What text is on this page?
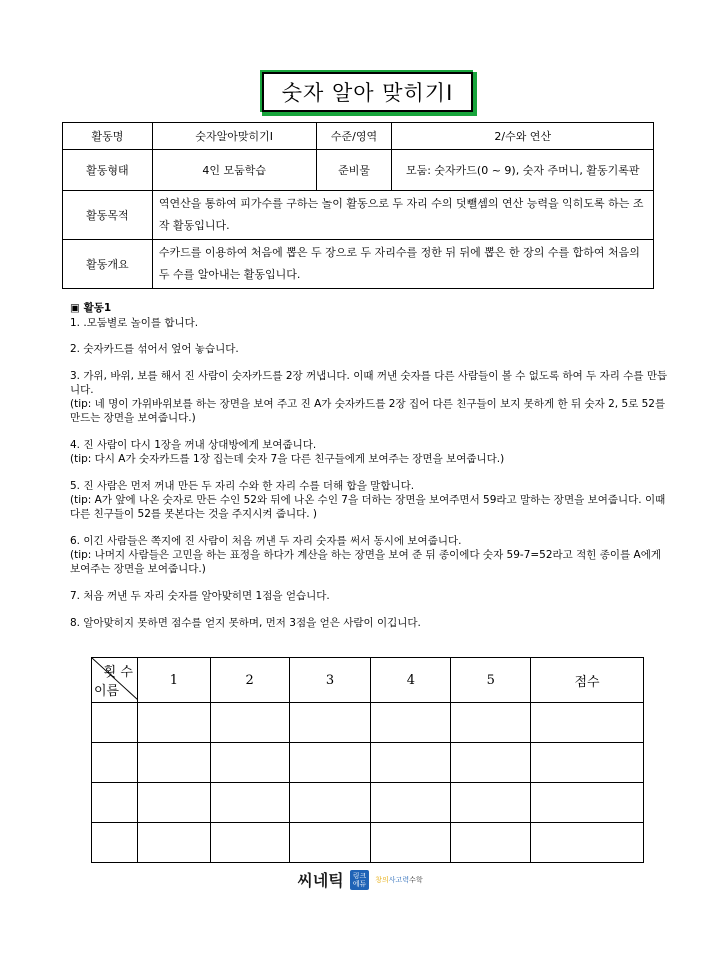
숫자 알아 맞히기Ⅰ
활동명	숫자알아맞히기Ⅰ	수준/영역	2/수와 연산
활동형태	4인 모둠학습	준비물	모둠: 숫자카드(0 ~ 9), 숫자 주머니, 활동기록판
활동목적	역연산을 통하여 피가수를 구하는 놀이 활동으로 두 자리 수의 덧뺄셈의 연산 능력을 익히도록 하는 조작 활동입니다.		
활동개요	수카드를 이용하여 처음에 뽑은 두 장으로 두 자리수를 정한 뒤 뒤에 뽑은 한 장의 수를 합하여 처음의 두 수를 알아내는 활동입니다.		

▣ 활동1

1. .모둠별로 놀이를 합니다.

2. 숫자카드를 섞어서 엎어 놓습니다.

3. 가위, 바위, 보를 해서 진 사람이 숫자카드를 2장 꺼냅니다. 이때 꺼낸 숫자를 다른 사람들이 볼 수 없도록 하여 두 자리 수를 만듭니다.
(tip: 네 명이 가위바위보를 하는 장면을 보여 주고 진 A가 숫자카드를 2장 집어 다른 친구들이 보지 못하게 한 뒤 숫자 2, 5로 52를 만드는 장면을 보여줍니다.)

4. 진 사람이 다시 1장을 꺼내 상대방에게 보여줍니다.
(tip: 다시 A가 숫자카드를 1장 집는데 숫자 7을 다른 친구들에게 보여주는 장면을 보여줍니다.)

5. 진 사람은 먼저 꺼내 만든 두 자리 수와 한 자리 수를 더해 합을 말합니다.
(tip: A가 앞에 나온 숫자로 만든 수인 52와 뒤에 나온 수인 7을 더하는 장면을 보여주면서 59라고 말하는 장면을 보여줍니다. 이때 다른 친구들이 52를 못본다는 것을 주지시켜 줍니다. )

6. 이긴 사람들은 쪽지에 진 사람이 처음 꺼낸 두 자리 숫자를 써서 동시에 보여줍니다.
(tip: 나머지 사람들은 고민을 하는 표정을 하다가 계산을 하는 장면을 보여 준 뒤 종이에다 숫자 59-7=52라고 적힌 종이를 A에게 보여주는 장면을 보여줍니다.)

7. 처음 꺼낸 두 자리 숫자를 알아맞히면 1점을 얻습니다.

8. 알아맞히지 못하면 점수를 얻지 못하며, 먼저 3점을 얻은 사람이 이깁니다.

횟 수
이름	1	2	3	4	5	점수

씨네틱	링크
에듀	창의사고력수학
